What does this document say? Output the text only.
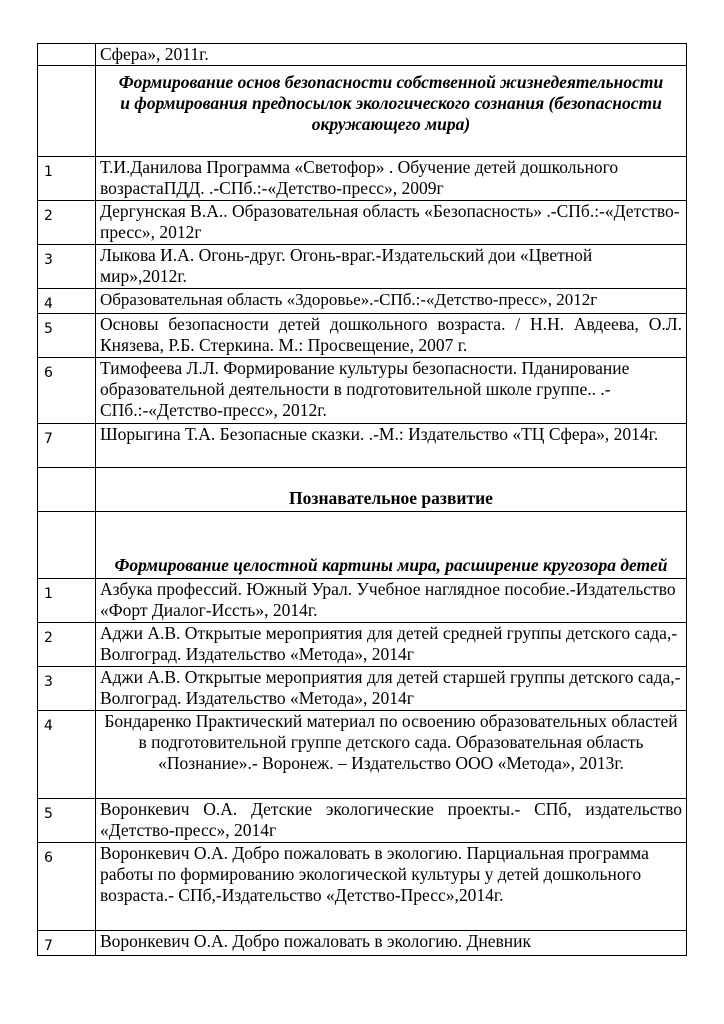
	Сфера», 2011г.
	Формирование основ безопасности собственной жизнедеятельности и формирования предпосылок экологического сознания (безопасности окружающего мира)
1	Т.И.Данилова Программа «Светофор» . Обучение детей дошкольного возрастаПДД. .-СПб.:-«Детство-пресс», 2009г
2	Дергунская В.А.. Образовательная область «Безопасность» .-СПб.:-«Детство-пресс», 2012г
3	Лыкова И.А. Огонь-друг. Огонь-враг.-Издательский дои «Цветной мир»,2012г.
4	Образовательная область «Здоровье».-СПб.:-«Детство-пресс», 2012г
5	Основы безопасности детей дошкольного возраста. / Н.Н. Авдеева, О.Л. Князева, Р.Б. Стеркина. М.: Просвещение, 2007 г.
6	Тимофеева Л.Л. Формирование культуры безопасности. Пданирование образовательной деятельности в подготовительной школе группе.. .-СПб.:-«Детство-пресс», 2012г.
7	Шорыгина Т.А. Безопасные сказки. .-М.: Издательство «ТЦ Сфера», 2014г.
	Познавательное развитие
	Формирование целостной картины мира, расширение кругозора детей
1	Азбука профессий. Южный Урал. Учебное наглядное пособие.-Издательство «Форт Диалог-Иссть», 2014г.
2	Аджи А.В. Открытые мероприятия для детей средней группы детского сада,- Волгоград. Издательство «Метода», 2014г
3	Аджи А.В. Открытые мероприятия для детей старшей группы детского сада,- Волгоград. Издательство «Метода», 2014г
4	Бондаренко Практический материал по освоению образовательных областей в подготовительной группе детского сада. Образовательная область «Познание».- Воронеж. – Издательство ООО «Метода», 2013г.
5	Воронкевич О.А. Детские экологические проекты.- СПб, издательство «Детство-пресс», 2014г
6	Воронкевич О.А. Добро пожаловать в экологию. Парциальная программа работы по формированию экологической культуры у детей дошкольного возраста.- СПб,-Издательство «Детство-Пресс»,2014г.
7	Воронкевич О.А. Добро пожаловать в экологию. Дневник
